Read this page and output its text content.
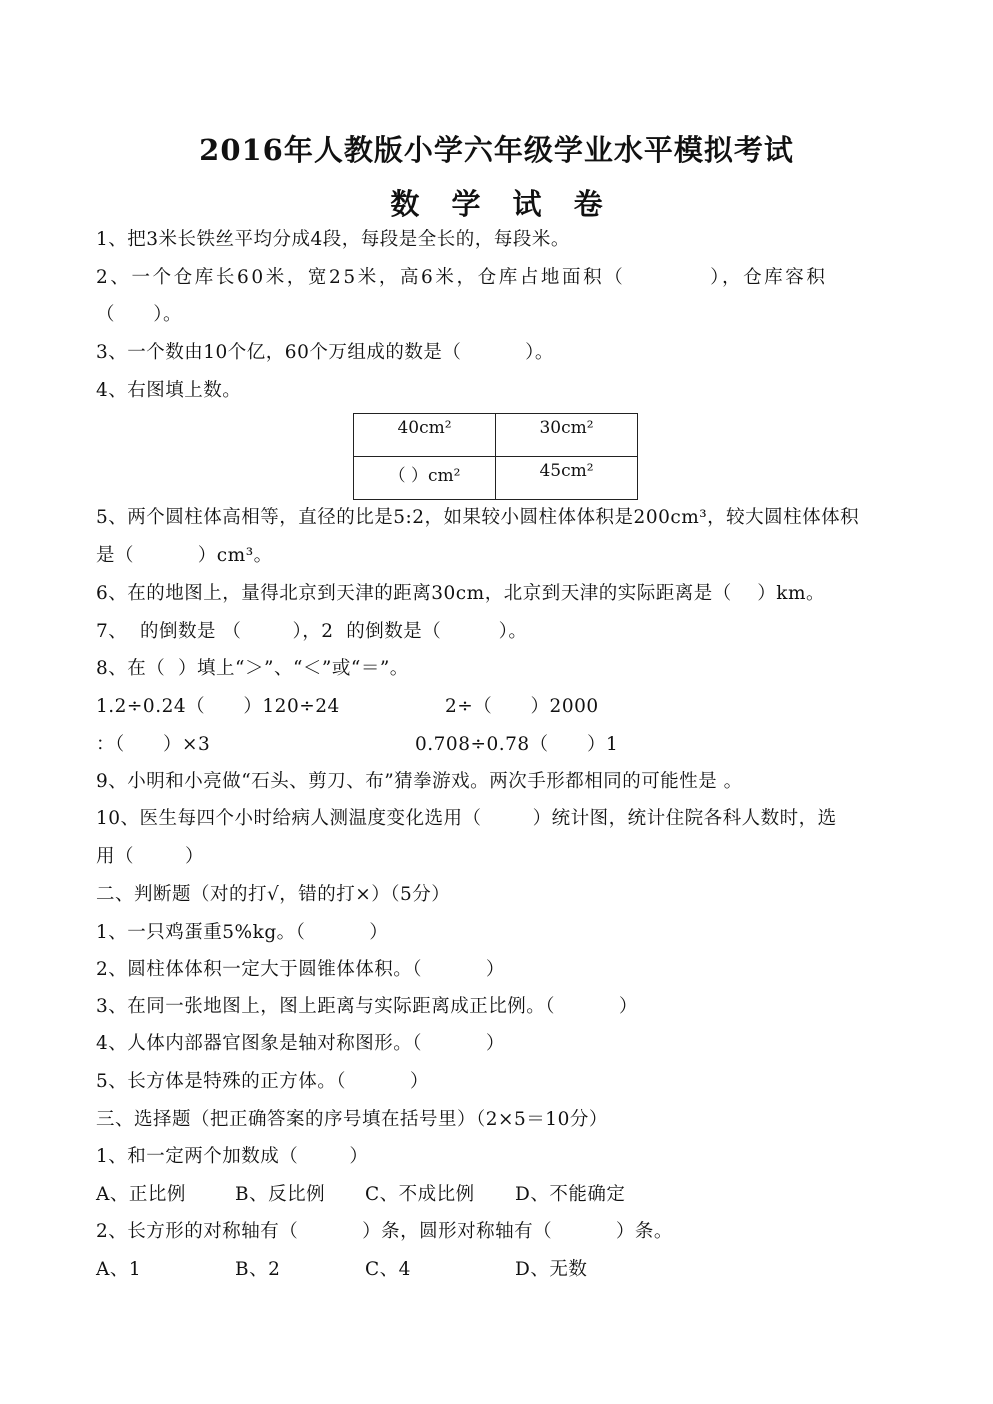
2016年人教版小学六年级学业水平模拟考试
数 学 试 卷
1、把3米长铁丝平均分成4段，每段是全长的，每段米。
2、一个仓库长60米，宽25米，高6米，仓库占地面积（          ），仓库容积
（      ）。
3、一个数由10个亿，60个万组成的数是（          ）。
4、右图填上数。
40cm²	30cm²
（ ）cm²	45cm²
5、两个圆柱体高相等，直径的比是5:2，如果较小圆柱体体积是200cm³，较大圆柱体体积
是（          ）cm³。
6、在的地图上，量得北京到天津的距离30cm，北京到天津的实际距离是（    ）km。
7、  的倒数是 （        ），2  的倒数是（         ）。
8、在（  ）填上“＞”、“＜”或“＝”。
1.2÷0.24（      ）120÷24	2÷（      ）2000
：（      ）×3	0.708÷0.78（      ）1
9、小明和小亮做“石头、剪刀、布”猜拳游戏。两次手形都相同的可能性是 。
10、医生每四个小时给病人测温度变化选用（        ）统计图，统计住院各科人数时，选
用（        ）
二、判断题（对的打√，错的打×）（5分）
1、一只鸡蛋重5%kg。（          ）
2、圆柱体体积一定大于圆锥体体积。（          ）
3、在同一张地图上，图上距离与实际距离成正比例。（          ）
4、人体内部器官图象是轴对称图形。（          ）
5、长方体是特殊的正方体。（          ）
三、选择题（把正确答案的序号填在括号里）（2×5＝10分）
1、和一定两个加数成（        ）
A、正比例	B、反比例 C、不成比例 D、不能确定
2、长方形的对称轴有（          ）条，圆形对称轴有（          ）条。
A、1	B、2	C、4	D、无数
